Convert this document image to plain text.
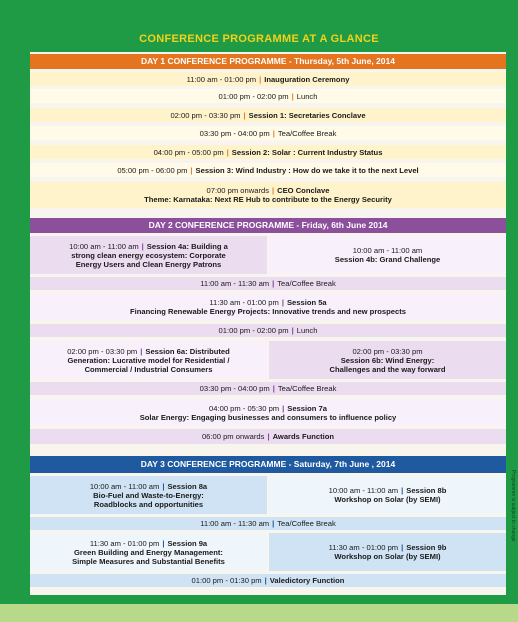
CONFERENCE PROGRAMME AT A GLANCE
DAY 1 CONFERENCE PROGRAMME - Thursday, 5th June, 2014
11:00 am - 01:00 pm | Inauguration Ceremony
01:00 pm - 02:00 pm | Lunch
02:00 pm - 03:30 pm | Session 1: Secretaries Conclave
03:30 pm - 04:00 pm | Tea/Coffee Break
04:00 pm - 05:00 pm | Session 2: Solar : Current Industry Status
05:00 pm - 06:00 pm | Session 3: Wind Industry : How do we take it to the next Level
07:00 pm onwards | CEO Conclave
Theme: Karnataka: Next RE Hub to contribute to the Energy Security
DAY 2 CONFERENCE PROGRAMME - Friday, 6th June 2014
10:00 am - 11:00 am | Session 4a: Building a
strong clean energy ecosystem: Corporate
Energy Users and Clean Energy Patrons
10:00 am - 11:00 am
Session 4b: Grand Challenge
11:00 am - 11:30 am | Tea/Coffee Break
11:30 am - 01:00 pm | Session 5a
Financing Renewable Energy Projects: Innovative trends and new prospects
01:00 pm - 02:00 pm | Lunch
02:00 pm - 03:30 pm | Session 6a: Distributed
Generation: Lucrative model for Residential /
Commercial / Industrial Consumers
02:00 pm - 03:30 pm
Session 6b: Wind Energy:
Challenges and the way forward
03:30 pm - 04:00 pm | Tea/Coffee Break
04:00 pm - 05:30 pm | Session 7a
Solar Energy: Engaging businesses and consumers to influence policy
06:00 pm onwards | Awards Function
DAY 3 CONFERENCE PROGRAMME - Saturday, 7th June , 2014
10:00 am - 11:00 am | Session 8a
Bio-Fuel and Waste-to-Energy:
Roadblocks and opportunities
10:00 am - 11:00 am | Session 8b
Workshop on Solar (by SEMI)
11:00 am - 11:30 am | Tea/Coffee Break
11:30 am - 01:00 pm | Session 9a
Green Building and Energy Management:
Simple Measures and Substantial Benefits
11:30 am - 01:00 pm | Session 9b
Workshop on Solar (by SEMI)
01:00 pm - 01:30 pm | Valedictory Function
Programme is subject to change
